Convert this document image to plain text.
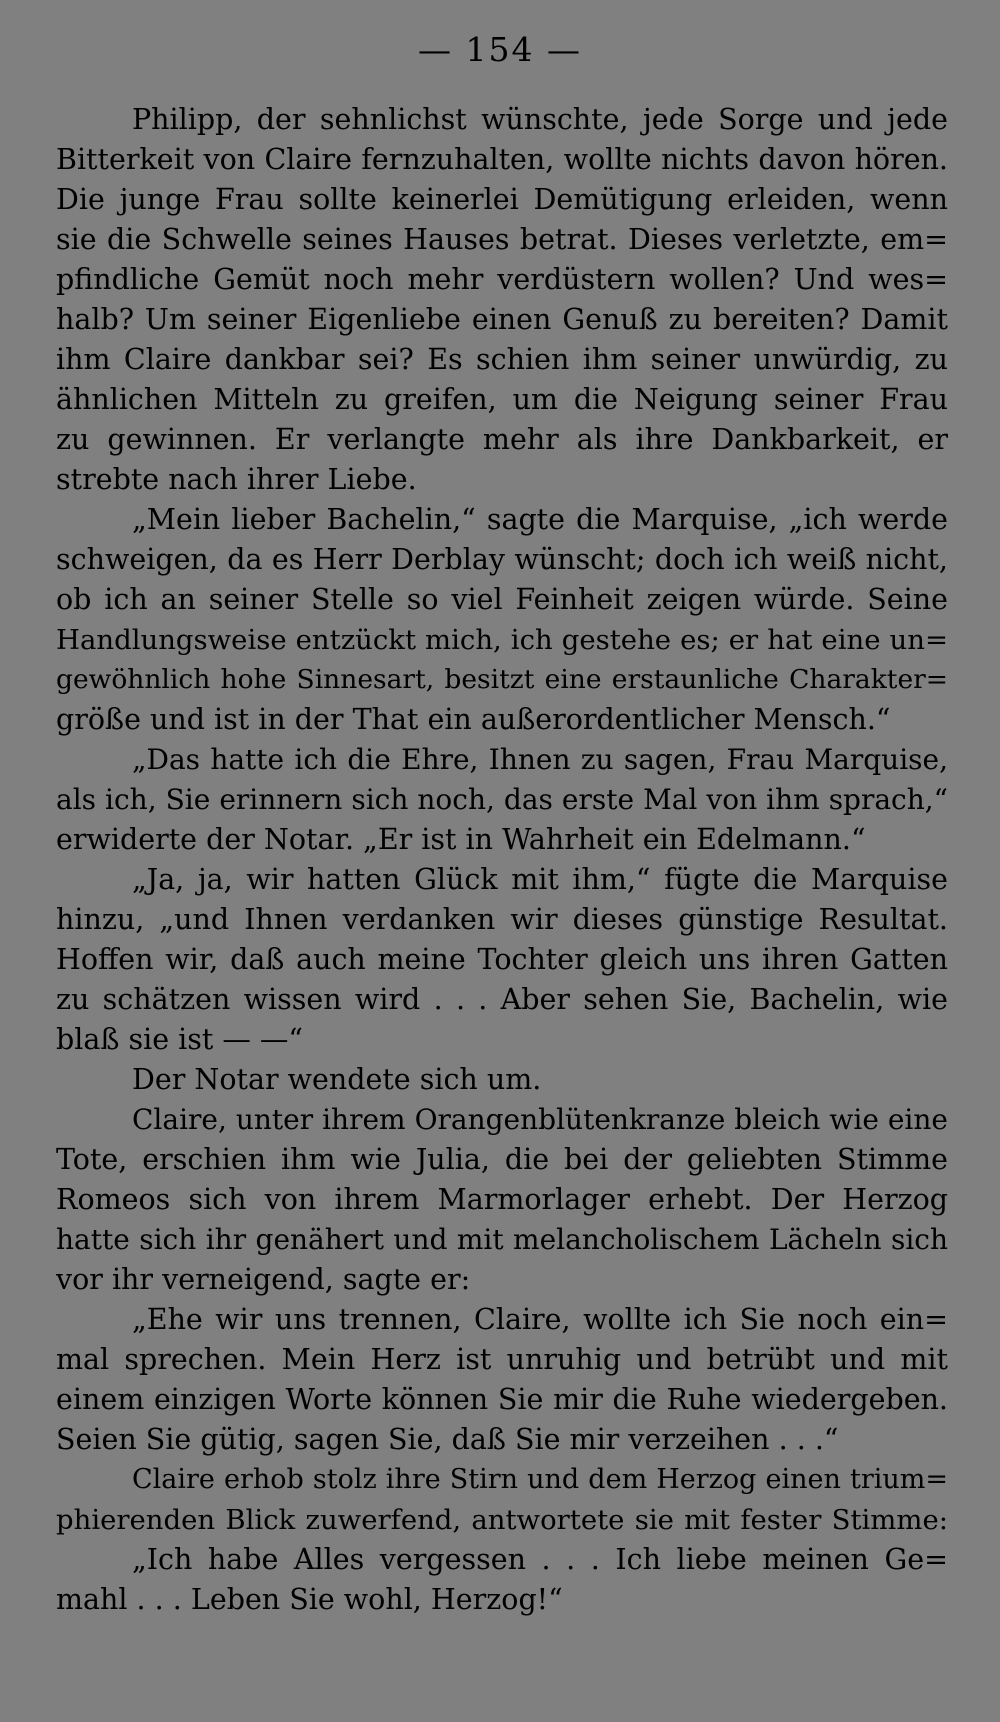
— 154 —
Philipp, der sehnlichst wünschte, jede Sorge und jede
Bitterkeit von Claire fernzuhalten, wollte nichts davon hören.
Die junge Frau sollte keinerlei Demütigung erleiden, wenn
sie die Schwelle seines Hauses betrat. Dieses verletzte, em=
pfindliche Gemüt noch mehr verdüstern wollen? Und wes=
halb? Um seiner Eigenliebe einen Genuß zu bereiten? Damit
ihm Claire dankbar sei? Es schien ihm seiner unwürdig, zu
ähnlichen Mitteln zu greifen, um die Neigung seiner Frau
zu gewinnen. Er verlangte mehr als ihre Dankbarkeit, er
strebte nach ihrer Liebe.
„Mein lieber Bachelin,“ sagte die Marquise, „ich werde
schweigen, da es Herr Derblay wünscht; doch ich weiß nicht,
ob ich an seiner Stelle so viel Feinheit zeigen würde. Seine
Handlungsweise entzückt mich, ich gestehe es; er hat eine un=
gewöhnlich hohe Sinnesart, besitzt eine erstaunliche Charakter=
größe und ist in der That ein außerordentlicher Mensch.“
„Das hatte ich die Ehre, Ihnen zu sagen, Frau Marquise,
als ich, Sie erinnern sich noch, das erste Mal von ihm sprach,“
erwiderte der Notar. „Er ist in Wahrheit ein Edelmann.“
„Ja, ja, wir hatten Glück mit ihm,“ fügte die Marquise
hinzu, „und Ihnen verdanken wir dieses günstige Resultat.
Hoffen wir, daß auch meine Tochter gleich uns ihren Gatten
zu schätzen wissen wird . . . Aber sehen Sie, Bachelin, wie
blaß sie ist — —“
Der Notar wendete sich um.
Claire, unter ihrem Orangenblütenkranze bleich wie eine
Tote, erschien ihm wie Julia, die bei der geliebten Stimme
Romeos sich von ihrem Marmorlager erhebt. Der Herzog
hatte sich ihr genähert und mit melancholischem Lächeln sich
vor ihr verneigend, sagte er:
„Ehe wir uns trennen, Claire, wollte ich Sie noch ein=
mal sprechen. Mein Herz ist unruhig und betrübt und mit
einem einzigen Worte können Sie mir die Ruhe wiedergeben.
Seien Sie gütig, sagen Sie, daß Sie mir verzeihen . . .“
Claire erhob stolz ihre Stirn und dem Herzog einen trium=
phierenden Blick zuwerfend, antwortete sie mit fester Stimme:
„Ich habe Alles vergessen . . . Ich liebe meinen Ge=
mahl . . . Leben Sie wohl, Herzog!“
